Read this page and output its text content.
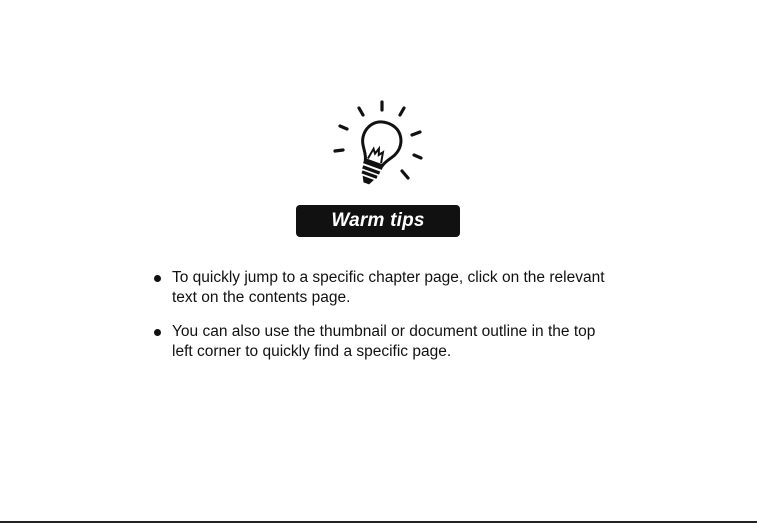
Warm tips
To quickly jump to a specific chapter page, click on the relevant text on the contents page.
You can also use the thumbnail or document outline in the top left corner to quickly find a specific page.
